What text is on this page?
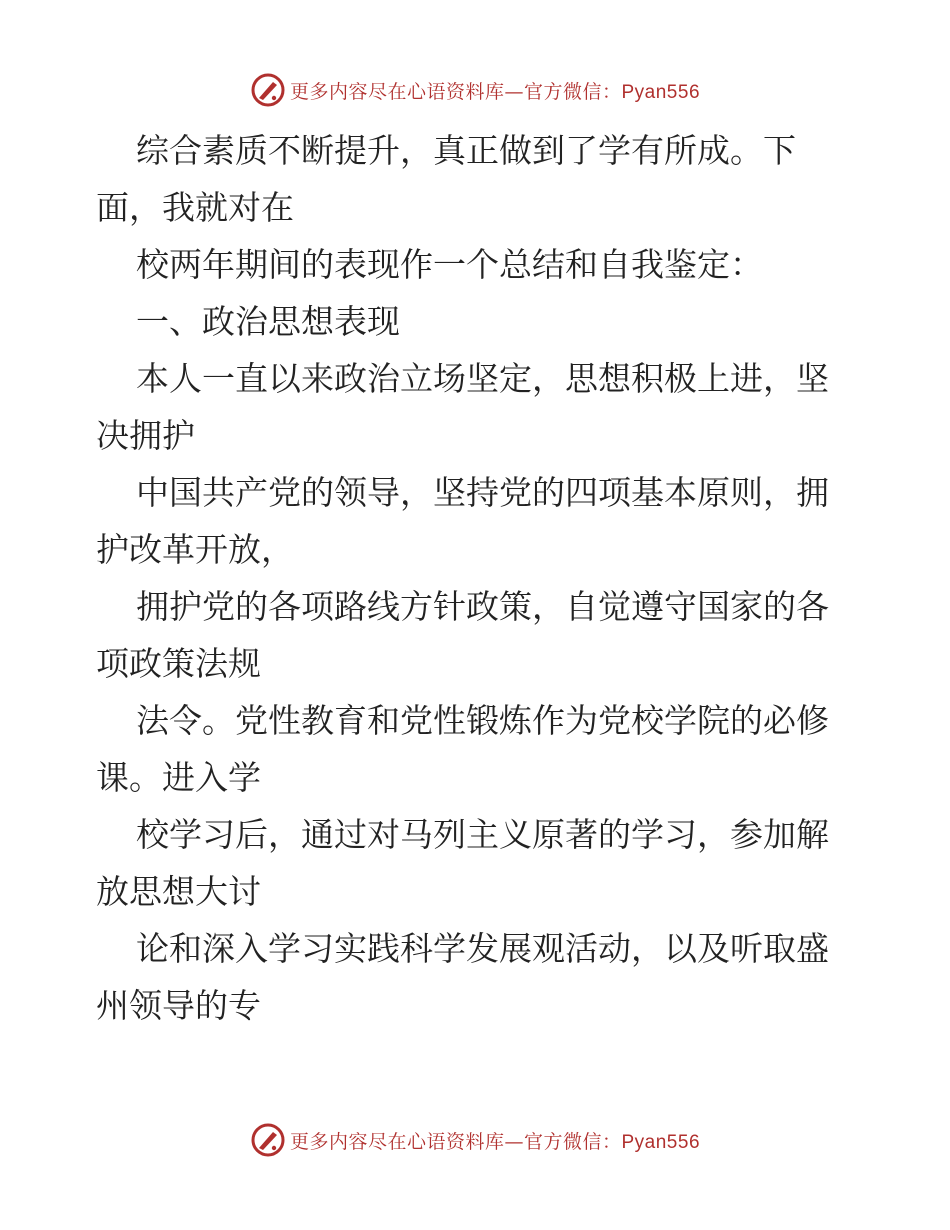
更多内容尽在心语资料库—官方微信：Pyan556
综合素质不断提升，真正做到了学有所成。下
面，我就对在
校两年期间的表现作一个总结和自我鉴定：
一、政治思想表现
本人一直以来政治立场坚定，思想积极上进，坚
决拥护
中国共产党的领导，坚持党的四项基本原则，拥
护改革开放，
拥护党的各项路线方针政策，自觉遵守国家的各
项政策法规
法令。党性教育和党性锻炼作为党校学院的必修
课。进入学
校学习后，通过对马列主义原著的学习，参加解
放思想大讨
论和深入学习实践科学发展观活动，以及听取盛
州领导的专
更多内容尽在心语资料库—官方微信：Pyan556
